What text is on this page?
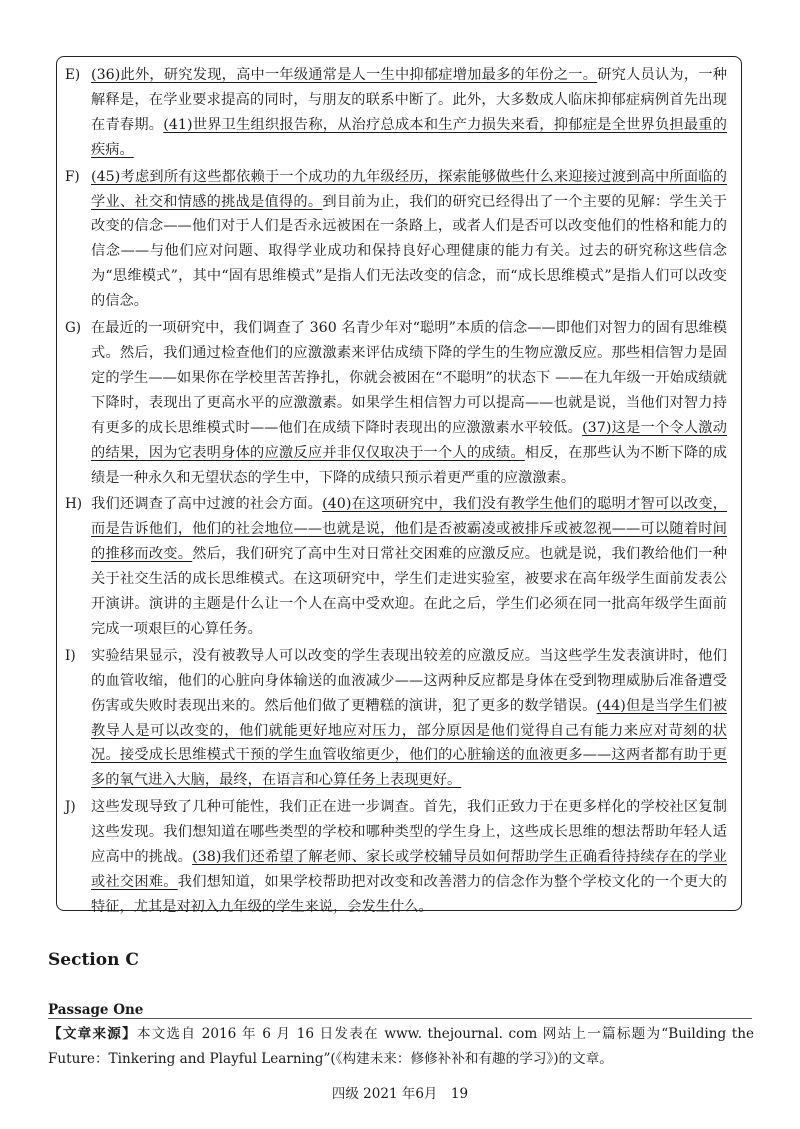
E) (36)此外，研究发现，高中一年级通常是人一生中抑郁症增加最多的年份之一。研究人员认为，一种解释是，在学业要求提高的同时，与朋友的联系中断了。此外，大多数成人临床抑郁症病例首先出现在青春期。(41)世界卫生组织报告称，从治疗总成本和生产力损失来看，抑郁症是全世界负担最重的疾病。
F) (45)考虑到所有这些都依赖于一个成功的九年级经历，探索能够做些什么来迎接过渡到高中所面临的学业、社交和情感的挑战是值得的。到目前为止，我们的研究已经得出了一个主要的见解：学生关于改变的信念——他们对于人们是否永远被困在一条路上，或者人们是否可以改变他们的性格和能力的信念——与他们应对问题、取得学业成功和保持良好心理健康的能力有关。过去的研究称这些信念为“思维模式”，其中“固有思维模式”是指人们无法改变的信念，而“成长思维模式”是指人们可以改变的信念。
G) 在最近的一项研究中，我们调查了 360 名青少年对“聪明”本质的信念——即他们对智力的固有思维模式。然后，我们通过检查他们的应激激素来评估成绩下降的学生的生物应激反应。那些相信智力是固定的学生——如果你在学校里苦苦挣扎，你就会被困在“不聪明”的状态下 ——在九年级一开始成绩就下降时，表现出了更高水平的应激激素。如果学生相信智力可以提高——也就是说，当他们对智力持有更多的成长思维模式时——他们在成绩下降时表现出的应激激素水平较低。(37)这是一个令人激动的结果，因为它表明身体的应激反应并非仅仅取决于一个人的成绩。相反，在那些认为不断下降的成绩是一种永久和无望状态的学生中，下降的成绩只预示着更严重的应激激素。
H) 我们还调查了高中过渡的社会方面。(40)在这项研究中，我们没有教学生他们的聪明才智可以改变，而是告诉他们，他们的社会地位——也就是说，他们是否被霸凌或被排斥或被忽视——可以随着时间的推移而改变。然后，我们研究了高中生对日常社交困难的应激反应。也就是说，我们教给他们一种关于社交生活的成长思维模式。在这项研究中，学生们走进实验室，被要求在高年级学生面前发表公开演讲。演讲的主题是什么让一个人在高中受欢迎。在此之后，学生们必须在同一批高年级学生面前完成一项艰巨的心算任务。
I)	实验结果显示，没有被教导人可以改变的学生表现出较差的应激反应。当这些学生发表演讲时，他们的血管收缩，他们的心脏向身体输送的血液减少——这两种反应都是身体在受到物理威胁后准备遭受伤害或失败时表现出来的。然后他们做了更糟糕的演讲，犯了更多的数学错误。(44)但是当学生们被教导人是可以改变的，他们就能更好地应对压力，部分原因是他们觉得自己有能力来应对苛刻的状况。接受成长思维模式干预的学生血管收缩更少，他们的心脏输送的血液更多——这两者都有助于更多的氧气进入大脑，最终，在语言和心算任务上表现更好。
J)	这些发现导致了几种可能性，我们正在进一步调查。首先，我们正致力于在更多样化的学校社区复制这些发现。我们想知道在哪些类型的学校和哪种类型的学生身上，这些成长思维的想法帮助年轻人适应高中的挑战。(38)我们还希望了解老师、家长或学校辅导员如何帮助学生正确看待持续存在的学业或社交困难。我们想知道，如果学校帮助把对改变和改善潜力的信念作为整个学校文化的一个更大的特征，尤其是对初入九年级的学生来说，会发生什么。
Section C
Passage One
【文章来源】本文选自 2016 年 6 月 16 日发表在 www. thejournal. com 网站上一篇标题为“Building the Future：Tinkering and Playful Learning”(《构建未来：修修补补和有趣的学习》)的文章。
四级 2021 年6月　19
